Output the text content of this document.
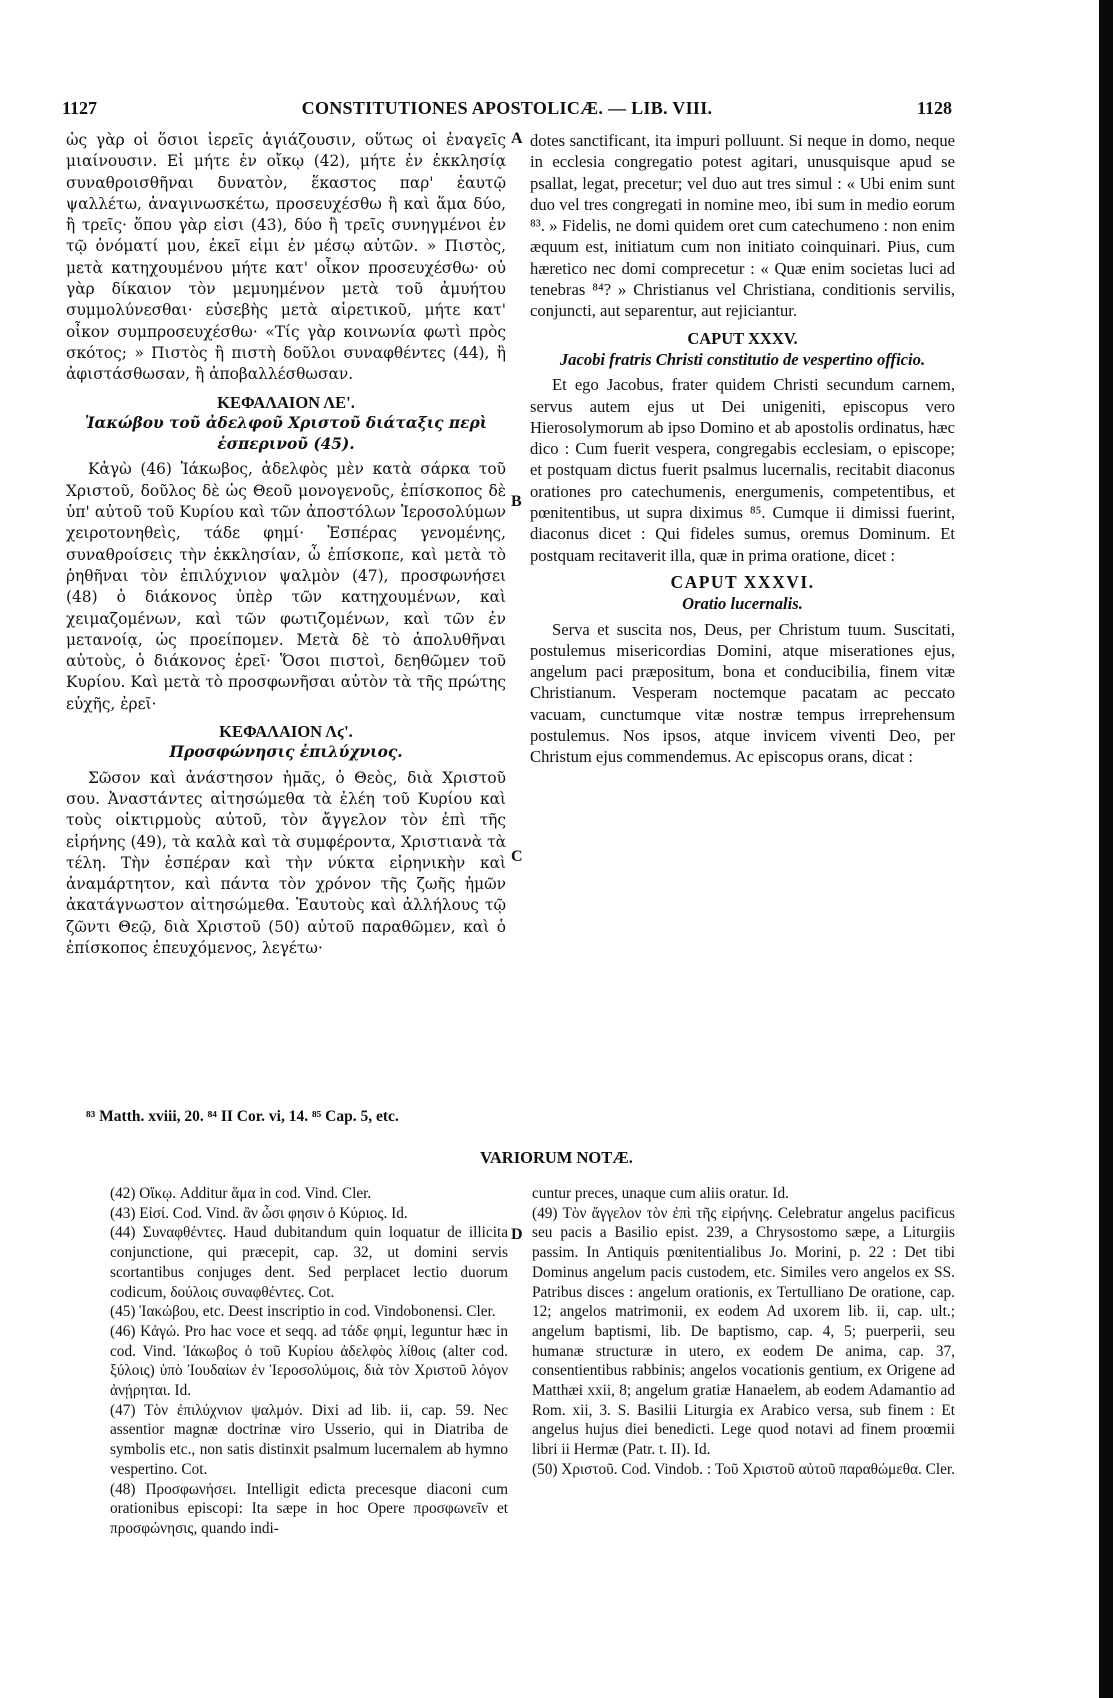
1127	CONSTITUTIONES APOSTOLICÆ. — LIB. VIII.	1128

ὡς γὰρ οἱ ὅσιοι ἱερεῖς ἁγιάζουσιν, οὕτως οἱ ἐναγεῖς μιαίνουσιν. Εἰ μήτε ἐν οἴκῳ (42), μήτε ἐν ἐκκλησίᾳ συναθροισθῆναι δυνατὸν, ἕκαστος παρ' ἑαυτῷ ψαλλέτω, ἀναγινωσκέτω, προσευχέσθω ἢ καὶ ἅμα δύο, ἢ τρεῖς· ὅπου γὰρ εἰσι (43), δύο ἢ τρεῖς συνηγμένοι ἐν τῷ ὀνόματί μου, ἐκεῖ εἰμι ἐν μέσῳ αὐτῶν. » Πιστὸς, μετὰ κατηχουμένου μήτε κατ' οἶκον προσευχέσθω· οὐ γὰρ δίκαιον τὸν μεμυημένον μετὰ τοῦ ἀμυήτου συμμολύνεσθαι· εὐσεβὴς μετὰ αἱρετικοῦ, μήτε κατ' οἶκον συμπροσευχέσθω· «Τίς γὰρ κοινωνία φωτὶ πρὸς σκότος; » Πιστὸς ἢ πιστὴ δοῦλοι συναφθέντες (44), ἢ ἀφιστάσθωσαν, ἢ ἀποβαλλέσθωσαν.

ΚΕΦΑΛΑΙΟΝ ΛΕ'.

Ἰακώβου τοῦ ἀδελφοῦ Χριστοῦ διάταξις περὶ ἑσπερινοῦ (45).

Κἀγὼ (46) Ἰάκωβος, ἀδελφὸς μὲν κατὰ σάρκα τοῦ Χριστοῦ, δοῦλος δὲ ὡς Θεοῦ μονογενοῦς, ἐπίσκοπος δὲ ὑπ' αὐτοῦ τοῦ Κυρίου καὶ τῶν ἀποστόλων Ἱεροσολύμων χειροτονηθεὶς, τάδε φημί· Ἑσπέρας γενομένης, συναθροίσεις τὴν ἐκκλησίαν, ὦ ἐπίσκοπε, καὶ μετὰ τὸ ῥηθῆναι τὸν ἐπιλύχνιον ψαλμὸν (47), προσφωνήσει (48) ὁ διάκονος ὑπὲρ τῶν κατηχουμένων, καὶ χειμαζομένων, καὶ τῶν φωτιζομένων, καὶ τῶν ἐν μετανοίᾳ, ὡς προείπομεν. Μετὰ δὲ τὸ ἀπολυθῆναι αὐτοὺς, ὁ διάκονος ἐρεῖ· Ὅσοι πιστοὶ, δεηθῶμεν τοῦ Κυρίου. Καὶ μετὰ τὸ προσφωνῆσαι αὐτὸν τὰ τῆς πρώτης εὐχῆς, ἐρεῖ·

ΚΕΦΑΛΑΙΟΝ Λϛ'.

Προσφώνησις ἐπιλύχνιος.

Σῶσον καὶ ἀνάστησον ἡμᾶς, ὁ Θεὸς, διὰ Χριστοῦ σου. Ἀναστάντες αἰτησώμεθα τὰ ἐλέη τοῦ Κυρίου καὶ τοὺς οἰκτιρμοὺς αὐτοῦ, τὸν ἄγγελον τὸν ἐπὶ τῆς εἰρήνης (49), τὰ καλὰ καὶ τὰ συμφέροντα, Χριστιανὰ τὰ τέλη. Τὴν ἑσπέραν καὶ τὴν νύκτα εἰρηνικὴν καὶ ἀναμάρτητον, καὶ πάντα τὸν χρόνον τῆς ζωῆς ἡμῶν ἀκατάγνωστον αἰτησώμεθα. Ἑαυτοὺς καὶ ἀλλήλους τῷ ζῶντι Θεῷ, διὰ Χριστοῦ (50) αὐτοῦ παραθῶμεν, καὶ ὁ ἐπίσκοπος ἐπευχόμενος, λεγέτω·

dotes sanctificant, ita impuri polluunt. Si neque in domo, neque in ecclesia congregatio potest agitari, unusquisque apud se psallat, legat, precetur; vel duo aut tres simul : « Ubi enim sunt duo vel tres congregati in nomine meo, ibi sum in medio eorum ⁸³. » Fidelis, ne domi quidem oret cum catechumeno : non enim æquum est, initiatum cum non initiato coinquinari. Pius, cum hæretico nec domi comprecetur : « Quæ enim societas luci ad tenebras ⁸⁴? » Christianus vel Christiana, conditionis servilis, conjuncti, aut separentur, aut rejiciantur.

CAPUT XXXV.

Jacobi fratris Christi constitutio de vespertino officio.

Et ego Jacobus, frater quidem Christi secundum carnem, servus autem ejus ut Dei unigeniti, episcopus vero Hierosolymorum ab ipso Domino et ab apostolis ordinatus, hæc dico : Cum fuerit vespera, congregabis ecclesiam, o episcope; et postquam dictus fuerit psalmus lucernalis, recitabit diaconus orationes pro catechumenis, energumenis, competentibus, et pœnitentibus, ut supra diximus ⁸⁵. Cumque ii dimissi fuerint, diaconus dicet : Qui fideles sumus, oremus Dominum. Et postquam recitaverit illa, quæ in prima oratione, dicet :

CAPUT XXXVI.

Oratio lucernalis.

Serva et suscita nos, Deus, per Christum tuum. Suscitati, postulemus misericordias Domini, atque miserationes ejus, angelum paci præpositum, bona et conducibilia, finem vitæ Christianum. Vesperam noctemque pacatam ac peccato vacuam, cunctumque vitæ nostræ tempus irreprehensum postulemus. Nos ipsos, atque invicem viventi Deo, per Christum ejus commendemus. Ac episcopus orans, dicat :

A
B
C
D
⁸³ Matth. xviii, 20. ⁸⁴ II Cor. vi, 14. ⁸⁵ Cap. 5, etc.
VARIORUM NOTÆ.

(42) Οἴκῳ. Additur ἅμα in cod. Vind. Cler.

(43) Εἰσί. Cod. Vind. ἂν ὦσι φησιν ὁ Κύριος. Id.

(44) Συναφθέντες. Haud dubitandum quin loquatur de illicita conjunctione, qui præcepit, cap. 32, ut domini servis scortantibus conjuges dent. Sed perplacet lectio duorum codicum, δούλοις συναφθέντες. Cot.

(45) Ἰακώβου, etc. Deest inscriptio in cod. Vindobonensi. Cler.

(46) Κἀγώ. Pro hac voce et seqq. ad τάδε φημί, leguntur hæc in cod. Vind. Ἰάκωβος ὁ τοῦ Κυρίου ἀδελφὸς λίθοις (alter cod. ξύλοις) ὑπὸ Ἰουδαίων ἐν Ἱεροσολύμοις, διὰ τὸν Χριστοῦ λόγον ἀνῄρηται. Id.

(47) Τὸν ἐπιλύχνιον ψαλμόν. Dixi ad lib. ii, cap. 59. Nec assentior magnæ doctrinæ viro Usserio, qui in Diatriba de symbolis etc., non satis distinxit psalmum lucernalem ab hymno vespertino. Cot.

(48) Προσφωνήσει. Intelligit edicta precesque diaconi cum orationibus episcopi: Ita sæpe in hoc Opere προσφωνεῖν et προσφώνησις, quando indi-

cuntur preces, unaque cum aliis oratur. Id.

(49) Τὸν ἄγγελον τὸν ἐπὶ τῆς εἰρήνης. Celebratur angelus pacificus seu pacis a Basilio epist. 239, a Chrysostomo sæpe, a Liturgiis passim. In Antiquis pœnitentialibus Jo. Morini, p. 22 : Det tibi Dominus angelum pacis custodem, etc. Similes vero angelos ex SS. Patribus disces : angelum orationis, ex Tertulliano De oratione, cap. 12; angelos matrimonii, ex eodem Ad uxorem lib. ii, cap. ult.; angelum baptismi, lib. De baptismo, cap. 4, 5; puerperii, seu humanæ structuræ in utero, ex eodem De anima, cap. 37, consentientibus rabbinis; angelos vocationis gentium, ex Origene ad Matthæi xxii, 8; angelum gratiæ Hanaelem, ab eodem Adamantio ad Rom. xii, 3. S. Basilii Liturgia ex Arabico versa, sub finem : Et angelus hujus diei benedicti. Lege quod notavi ad finem proœmii libri ii Hermæ (Patr. t. II). Id.

(50) Χριστοῦ. Cod. Vindob. : Τοῦ Χριστοῦ αὐτοῦ παραθώμεθα. Cler.
